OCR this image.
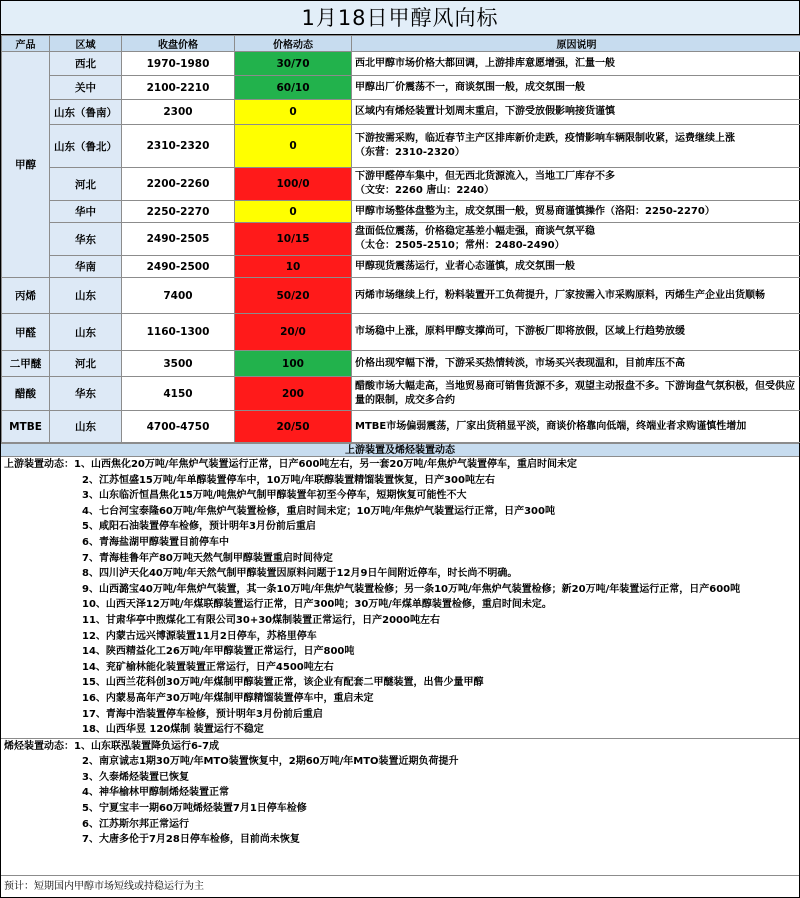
1月18日甲醇风向标
产品	区域	收盘价格	价格动态	原因说明
甲醇	西北	1970-1980	30/70	西北甲醇市场价格大都回调，上游排库意愿增强，汇量一般

	关中	2100-2210	60/10	甲醇出厂价震荡不一，商谈氛围一般，成交氛围一般

	山东（鲁南）	2300	0	区域内有烯烃装置计划周末重启，下游受放假影响接货谨慎

	山东（鲁北）	2310-2320	0	下游按需采购，临近春节主产区排库新价走跌，疫情影响车辆限制收紧，运费继续上涨
（东营：2310-2320）

	河北	2200-2260	100/0	下游甲醛停车集中，但无西北货源流入，当地工厂库存不多
（文安：2260 唐山：2240）

	华中	2250-2270	0	甲醇市场整体盘整为主，成交氛围一般，贸易商谨慎操作（洛阳：2250-2270）

	华东	2490-2505	10/15	盘面低位震荡，价格稳定基差小幅走强，商谈气氛平稳
（太仓：2505-2510；常州：2480-2490）

	华南	2490-2500	10	甲醇现货震荡运行，业者心态谨慎，成交氛围一般

丙烯	山东	7400	50/20	丙烯市场继续上行，粉料装置开工负荷提升，厂家按需入市采购原料，丙烯生产企业出货顺畅

甲醛	山东	1160-1300	20/0	市场稳中上涨，原料甲醇支撑尚可，下游板厂即将放假，区域上行趋势放缓

二甲醚	河北	3500	100	价格出现窄幅下滑，下游采买热情转淡，市场买兴表现温和，目前库压不高

醋酸	华东	4150	200	醋酸市场大幅走高，当地贸易商可销售货源不多，观望主动报盘不多。下游询盘气氛积极，但受供应量的限制，成交多合约

MTBE	山东	4700-4750	20/50	MTBE市场偏弱震荡，厂家出货稍显平淡，商谈价格靠向低端，终端业者求购谨慎性增加
上游装置及烯烃装置动态
上游装置动态：1、山西焦化20万吨/年焦炉气装置运行正常，日产600吨左右，另一套20万吨/年焦炉气装置停车，重启时间未定
2、江苏恒盛15万吨/年单醇装置停车中，10万吨/年联醇装置精馏装置恢复，日产300吨左右
3、山东临沂恒昌焦化15万吨/吨焦炉气制甲醇装置年初至今停车，短期恢复可能性不大
4、七台河宝泰隆60万吨/年焦炉气装置检修，重启时间未定；10万吨/年焦炉气装置运行正常，日产300吨
5、咸阳石油装置停车检修，预计明年3月份前后重启
6、青海盐湖甲醇装置目前停车中
7、青海桂鲁年产80万吨天然气制甲醇装置重启时间待定
8、四川泸天化40万吨/年天然气制甲醇装置因原料问题于12月9日午间附近停车，时长尚不明确。
9、山西潞宝40万吨/年焦炉气装置，其一条10万吨/年焦炉气装置检修；另一条10万吨/年焦炉气装置检修；新20万吨/年装置运行正常，日产600吨
10、山西天泽12万吨/年煤联醇装置运行正常，日产300吨；30万吨/年煤单醇装置检修，重启时间未定。
11、甘肃华亭中煦煤化工有限公司30+30煤制装置正常运行，日产2000吨左右
12、内蒙古远兴博源装置11月2日停车，苏格里停车
14、陕西精益化工26万吨/年甲醇装置正常运行，日产800吨
14、兖矿榆林能化装置装置正常运行，日产4500吨左右
15、山西兰花科创30万吨/年煤制甲醇装置正常，该企业有配套二甲醚装置，出售少量甲醇
16、内蒙易高年产30万吨/年煤制甲醇精馏装置停车中，重启未定
17、青海中浩装置停车检修，预计明年3月份前后重启
18、山西华昱 120煤制 装置运行不稳定
烯烃装置动态：1、山东联泓装置降负运行6-7成
2、南京诚志1期30万吨/年MTO装置恢复中，2期60万吨/年MTO装置近期负荷提升
3、久泰烯烃装置已恢复
4、神华榆林甲醇制烯烃装置正常
5、宁夏宝丰一期60万吨烯烃装置7月1日停车检修
6、江苏斯尔邦正常运行
7、大唐多伦于7月28日停车检修，目前尚未恢复
预计：短期国内甲醇市场短线或持稳运行为主
